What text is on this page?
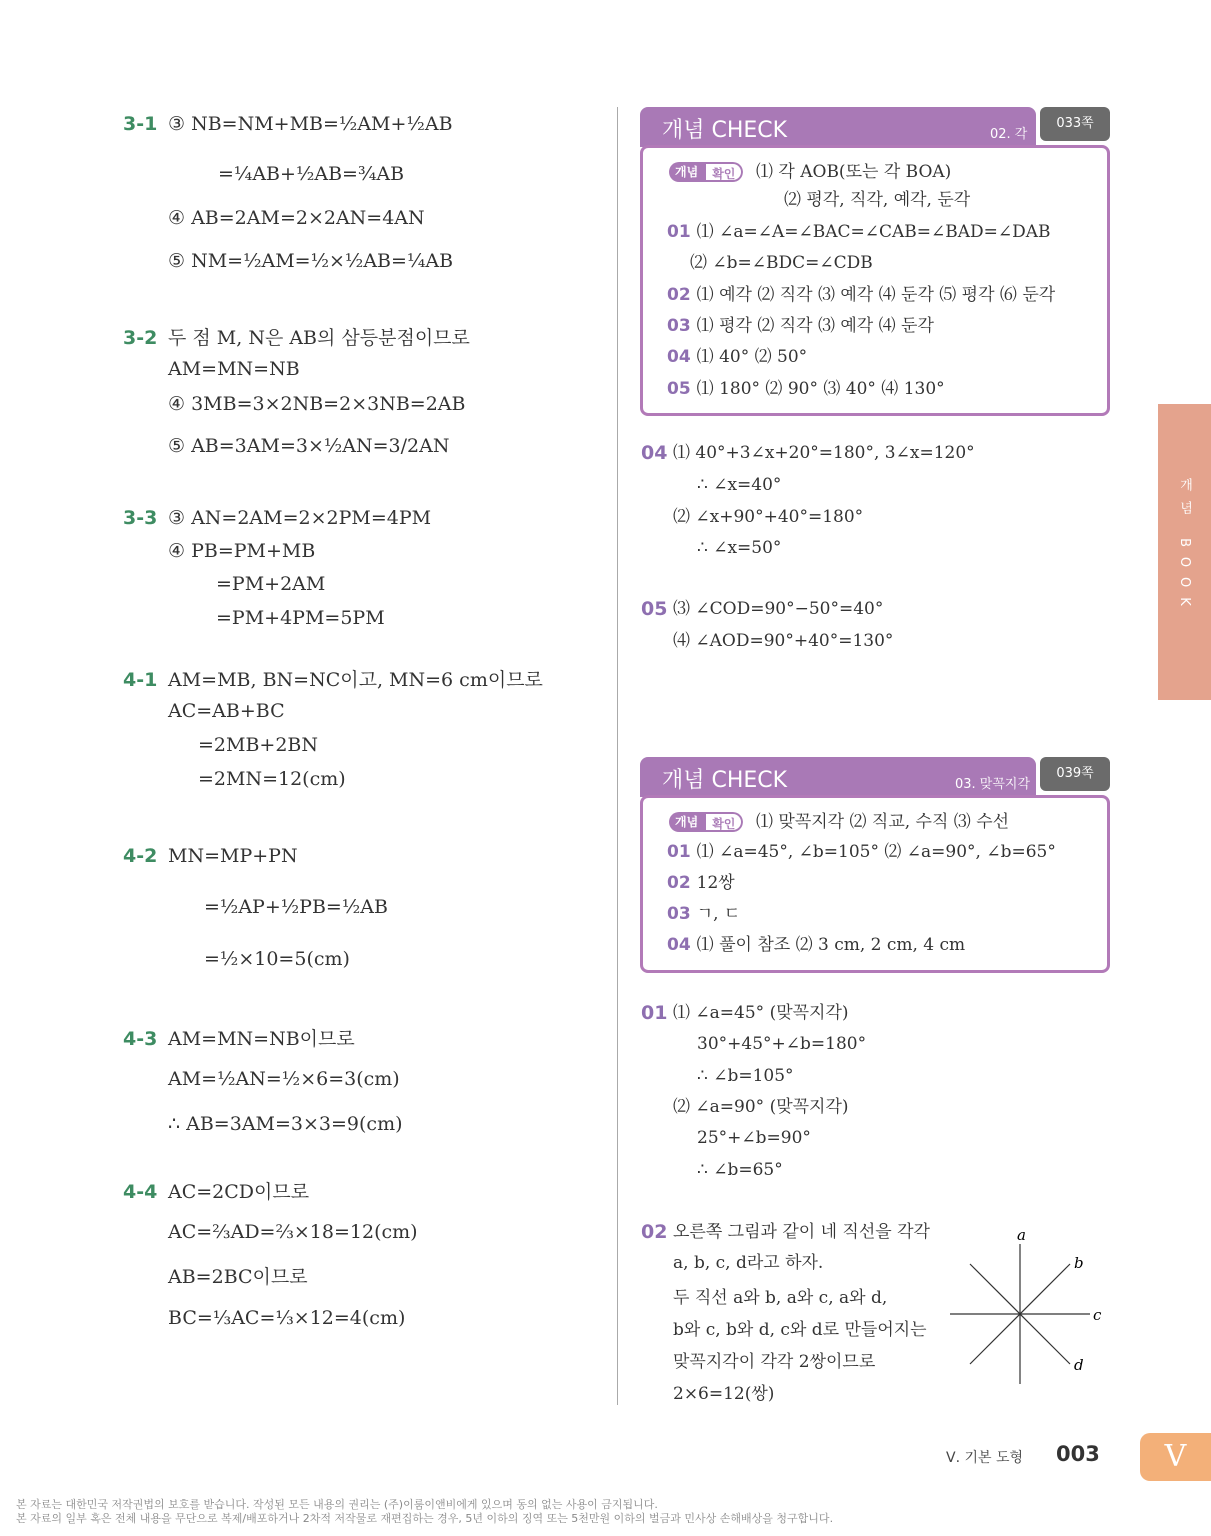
3-1 ③ NB=NM+MB=½AM+½AB
=¼AB+½AB=¾AB
④ AB=2AM=2×2AN=4AN
⑤ NM=½AM=½×½AB=¼AB
3-2 두 점 M, N은 AB의 삼등분점이므로
AM=MN=NB
④ 3MB=3×2NB=2×3NB=2AB
⑤ AB=3AM=3×½AN=3/2AN
3-3 ③ AN=2AM=2×2PM=4PM
④ PB=PM+MB
=PM+2AM
=PM+4PM=5PM
4-1 AM=MB, BN=NC이고, MN=6 cm이므로
AC=AB+BC
=2MB+2BN
=2MN=12(cm)
4-2 MN=MP+PN
=½AP+½PB=½AB
=½×10=5(cm)
4-3 AM=MN=NB이므로
AM=½AN=½×6=3(cm)
∴ AB=3AM=3×3=9(cm)
4-4 AC=2CD이므로
AC=⅔AD=⅔×18=12(cm)
AB=2BC이므로
BC=⅓AC=⅓×12=4(cm)
개념 CHECK	02. 각
033쪽
개념	확인	⑴ 각 AOB(또는 각 BOA)
⑵ 평각, 직각, 예각, 둔각
01 ⑴ ∠a=∠A=∠BAC=∠CAB=∠BAD=∠DAB
⑵ ∠b=∠BDC=∠CDB
02 ⑴ 예각 ⑵ 직각 ⑶ 예각 ⑷ 둔각 ⑸ 평각 ⑹ 둔각
03 ⑴ 평각 ⑵ 직각 ⑶ 예각 ⑷ 둔각
04 ⑴ 40° ⑵ 50°
05 ⑴ 180° ⑵ 90° ⑶ 40° ⑷ 130°
04 ⑴ 40°+3∠x+20°=180°, 3∠x=120°
∴ ∠x=40°
⑵ ∠x+90°+40°=180°
∴ ∠x=50°
05 ⑶ ∠COD=90°−50°=40°
⑷ ∠AOD=90°+40°=130°
개념 CHECK	03. 맞꼭지각
039쪽
개념	확인	⑴ 맞꼭지각 ⑵ 직교, 수직 ⑶ 수선
01 ⑴ ∠a=45°, ∠b=105° ⑵ ∠a=90°, ∠b=65°
02 12쌍
03 ㄱ, ㄷ
04 ⑴ 풀이 참조 ⑵ 3 cm, 2 cm, 4 cm
01 ⑴ ∠a=45° (맞꼭지각)
30°+45°+∠b=180°
∴ ∠b=105°
⑵ ∠a=90° (맞꼭지각)
25°+∠b=90°
∴ ∠b=65°
02 오른쪽 그림과 같이 네 직선을 각각
a, b, c, d라고 하자.
두 직선 a와 b, a와 c, a와 d,
b와 c, b와 d, c와 d로 만들어지는
맞꼭지각이 각각 2쌍이므로
2×6=12(쌍)
a
b
c
d
개념 BOOK
Ⅴ. 기본 도형 003	V
본 자료는 대한민국 저작권법의 보호를 받습니다. 작성된 모든 내용의 권리는 (주)이룸이앤비에게 있으며 동의 없는 사용이 금지됩니다.
본 자료의 일부 혹은 전체 내용을 무단으로 복제/배포하거나 2차적 저작물로 재편집하는 경우, 5년 이하의 징역 또는 5천만원 이하의 벌금과 민사상 손해배상을 청구합니다.
